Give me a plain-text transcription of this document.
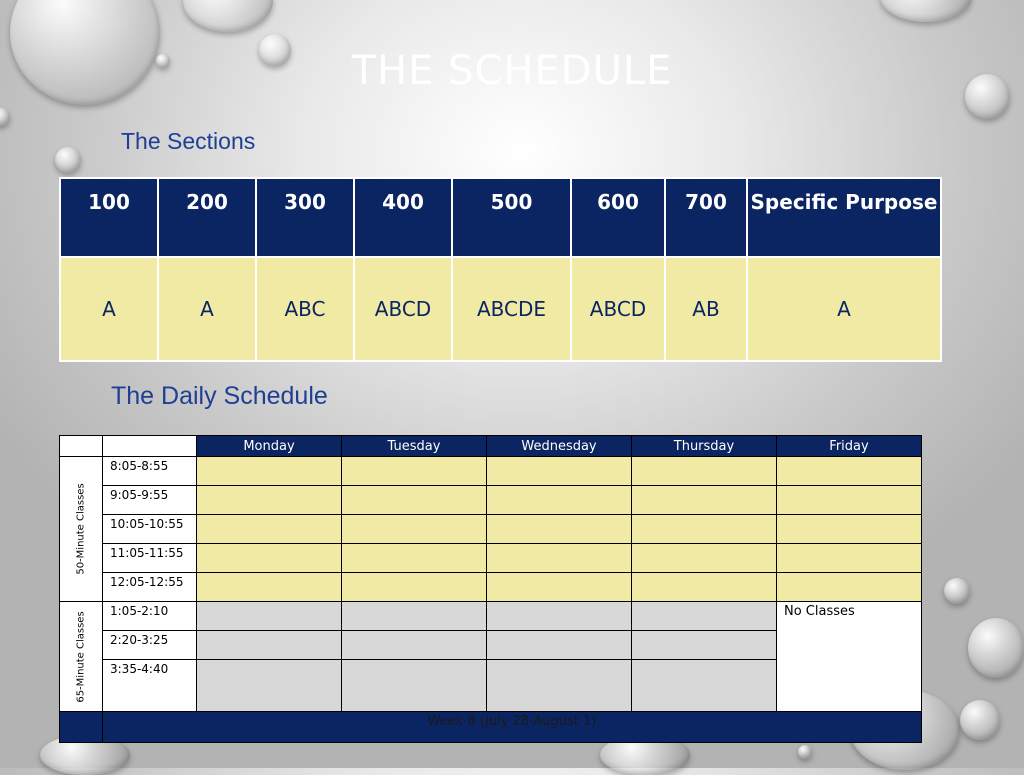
THE SCHEDULE
The Sections
100	200	300	400	500	600	700	Specific Purpose
A	A	ABC	ABCD	ABCDE	ABCD	AB	A
The Daily Schedule
		Monday	Tuesday	Wednesday	Thursday	Friday

50-Minute Classes	8:05-8:55					
	9:05-9:55					
	10:05-10:55					
	11:05-11:55					
	12:05-12:55					

65-Minute Classes	1:05-2:10					No Classes
	2:20-3:25					
	3:35-4:40					
	Week 8 (July 28-August 1)					
